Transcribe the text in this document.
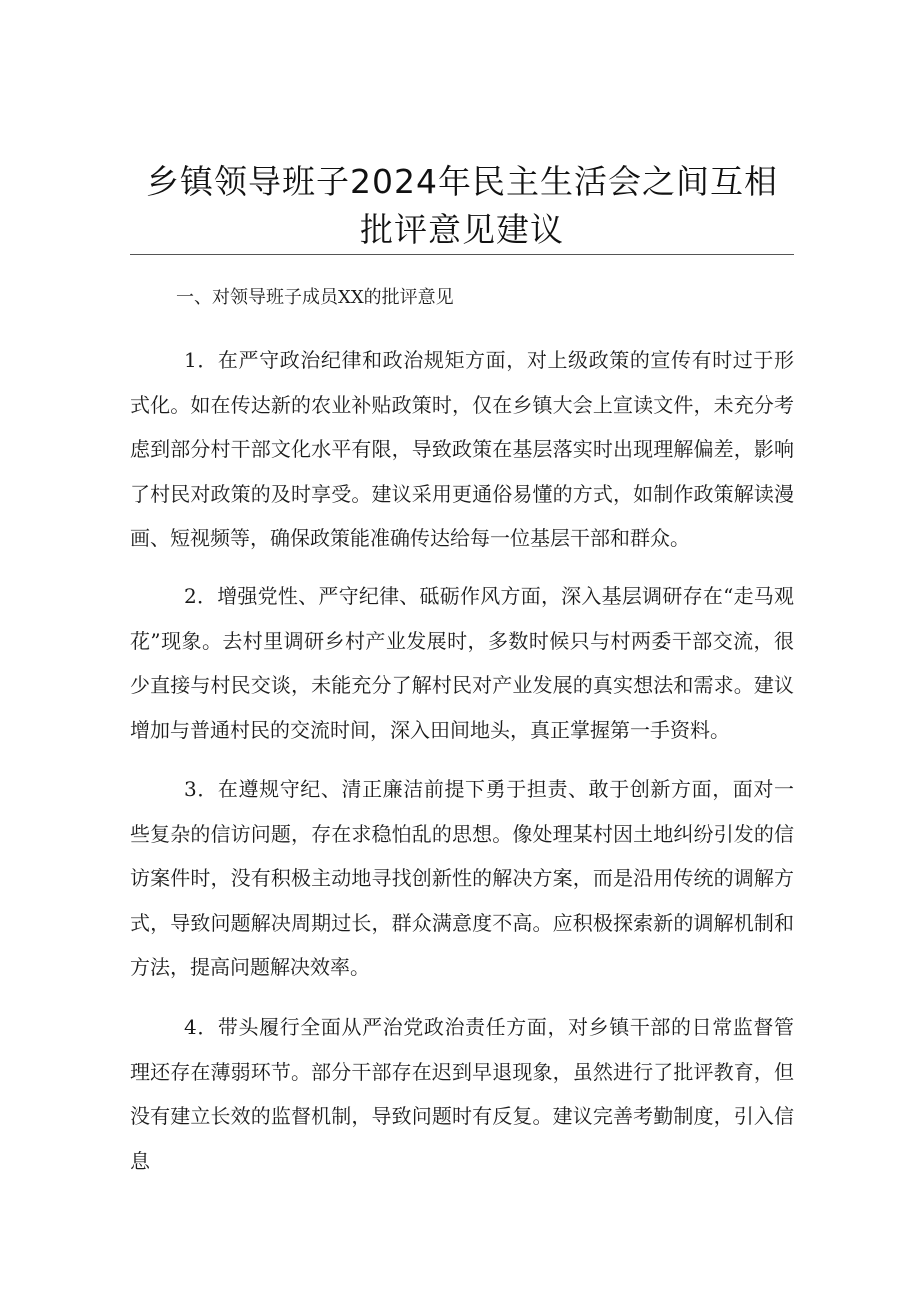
乡镇领导班子2024年民主生活会之间互相批评意见建议

一、对领导班子成员XX的批评意见

1．在严守政治纪律和政治规矩方面，对上级政策的宣传有时过于形式化。如在传达新的农业补贴政策时，仅在乡镇大会上宣读文件，未充分考虑到部分村干部文化水平有限，导致政策在基层落实时出现理解偏差，影响了村民对政策的及时享受。建议采用更通俗易懂的方式，如制作政策解读漫画、短视频等，确保政策能准确传达给每一位基层干部和群众。

2．增强党性、严守纪律、砥砺作风方面，深入基层调研存在“走马观花”现象。去村里调研乡村产业发展时，多数时候只与村两委干部交流，很少直接与村民交谈，未能充分了解村民对产业发展的真实想法和需求。建议增加与普通村民的交流时间，深入田间地头，真正掌握第一手资料。

3．在遵规守纪、清正廉洁前提下勇于担责、敢于创新方面，面对一些复杂的信访问题，存在求稳怕乱的思想。像处理某村因土地纠纷引发的信访案件时，没有积极主动地寻找创新性的解决方案，而是沿用传统的调解方式，导致问题解决周期过长，群众满意度不高。应积极探索新的调解机制和方法，提高问题解决效率。

4．带头履行全面从严治党政治责任方面，对乡镇干部的日常监督管理还存在薄弱环节。部分干部存在迟到早退现象，虽然进行了批评教育，但没有建立长效的监督机制，导致问题时有反复。建议完善考勤制度，引入信息
